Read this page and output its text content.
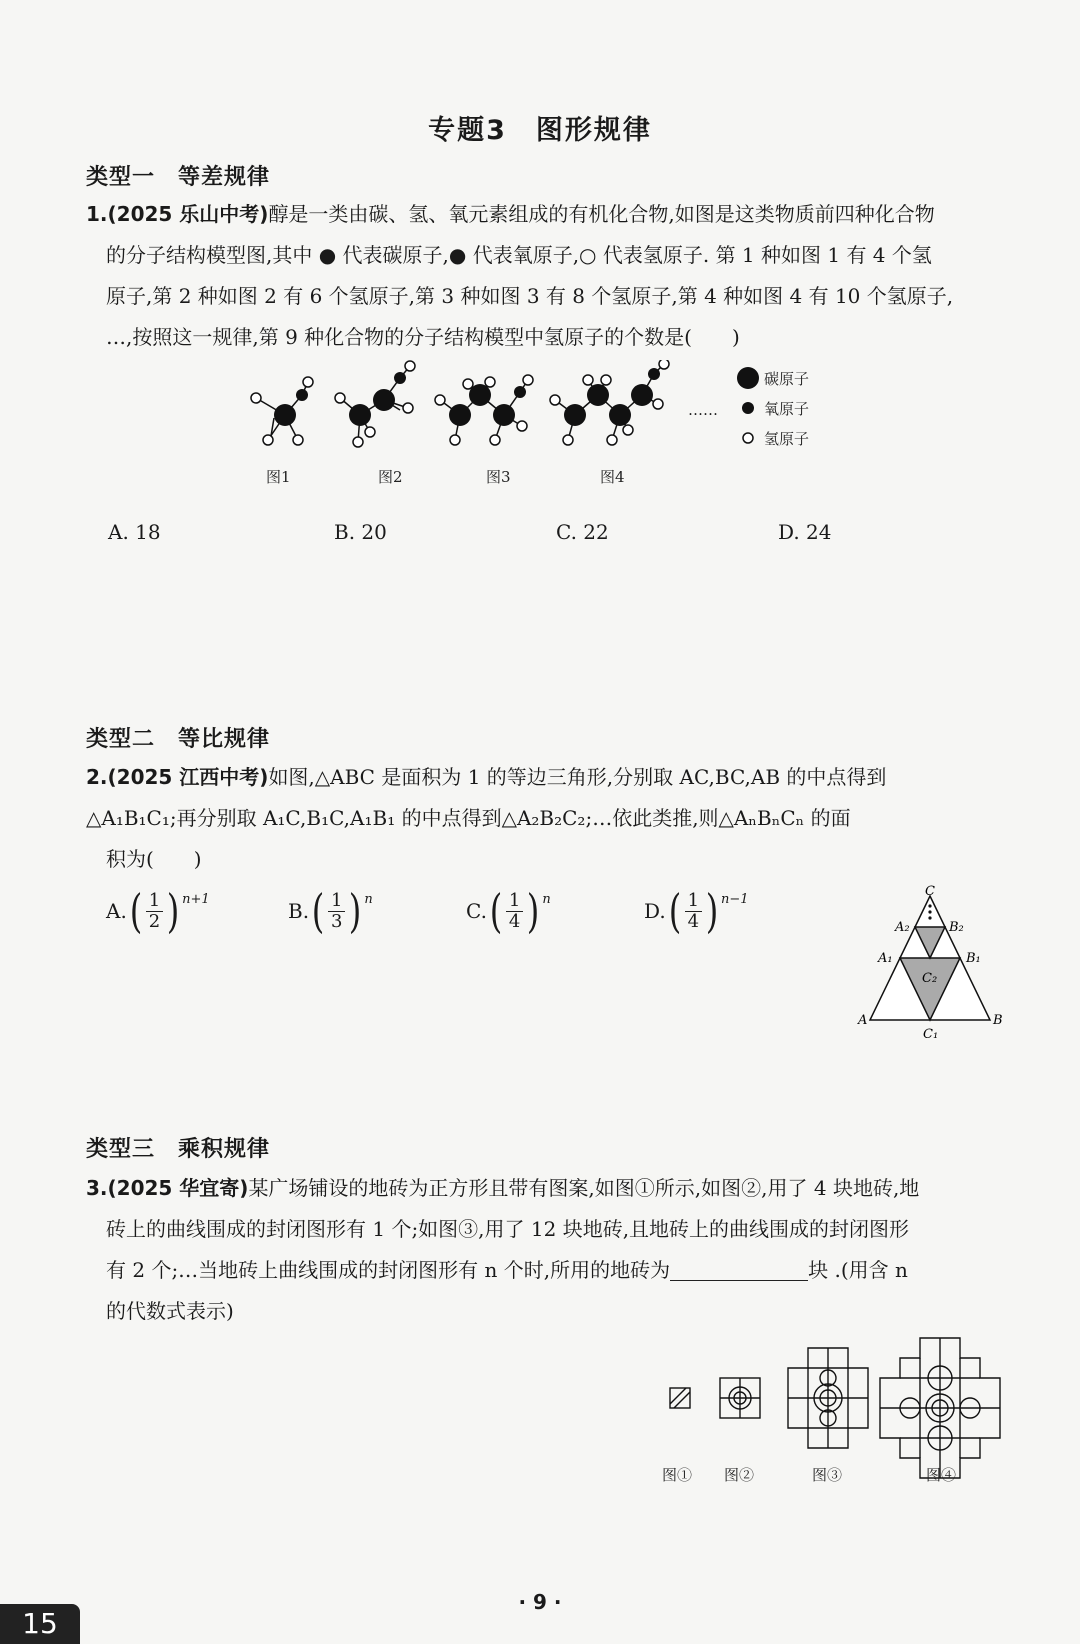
专题3　图形规律
类型一　等差规律
1.(2025 乐山中考)醇是一类由碳、氢、氧元素组成的有机化合物,如图是这类物质前四种化合物
的分子结构模型图,其中 ● 代表碳原子,● 代表氧原子,○ 代表氢原子. 第 1 种如图 1 有 4 个氢
原子,第 2 种如图 2 有 6 个氢原子,第 3 种如图 3 有 8 个氢原子,第 4 种如图 4 有 10 个氢原子,
…,按照这一规律,第 9 种化合物的分子结构模型中氢原子的个数是(　　)
……
碳原子
氧原子
氢原子
图1	图2	图3	图4
A. 18	B. 20	C. 22	D. 24
类型二　等比规律
2.(2025 江西中考)如图,△ABC 是面积为 1 的等边三角形,分别取 AC,BC,AB 的中点得到
△A₁B₁C₁;再分别取 A₁C,B₁C,A₁B₁ 的中点得到△A₂B₂C₂;…依此类推,则△AₙBₙCₙ 的面
积为(　　)
A. ( $\frac{1}{2}$ ) n+1	B. ( $\frac{1}{3}$ ) n	C. ( $\frac{1}{4}$ ) n	D. ( $\frac{1}{4}$ ) n−1
C
A₂	B₂
A₁	B₁
C₂
A	B
C₁
类型三　乘积规律
3.(2025 华宜寄)某广场铺设的地砖为正方形且带有图案,如图①所示,如图②,用了 4 块地砖,地
砖上的曲线围成的封闭图形有 1 个;如图③,用了 12 块地砖,且地砖上的曲线围成的封闭图形
有 2 个;…当地砖上曲线围成的封闭图形有 n 个时,所用的地砖为	块 .(用含 n
的代数式表示)
图① 图②	图③	图④
· 9 ·
15
